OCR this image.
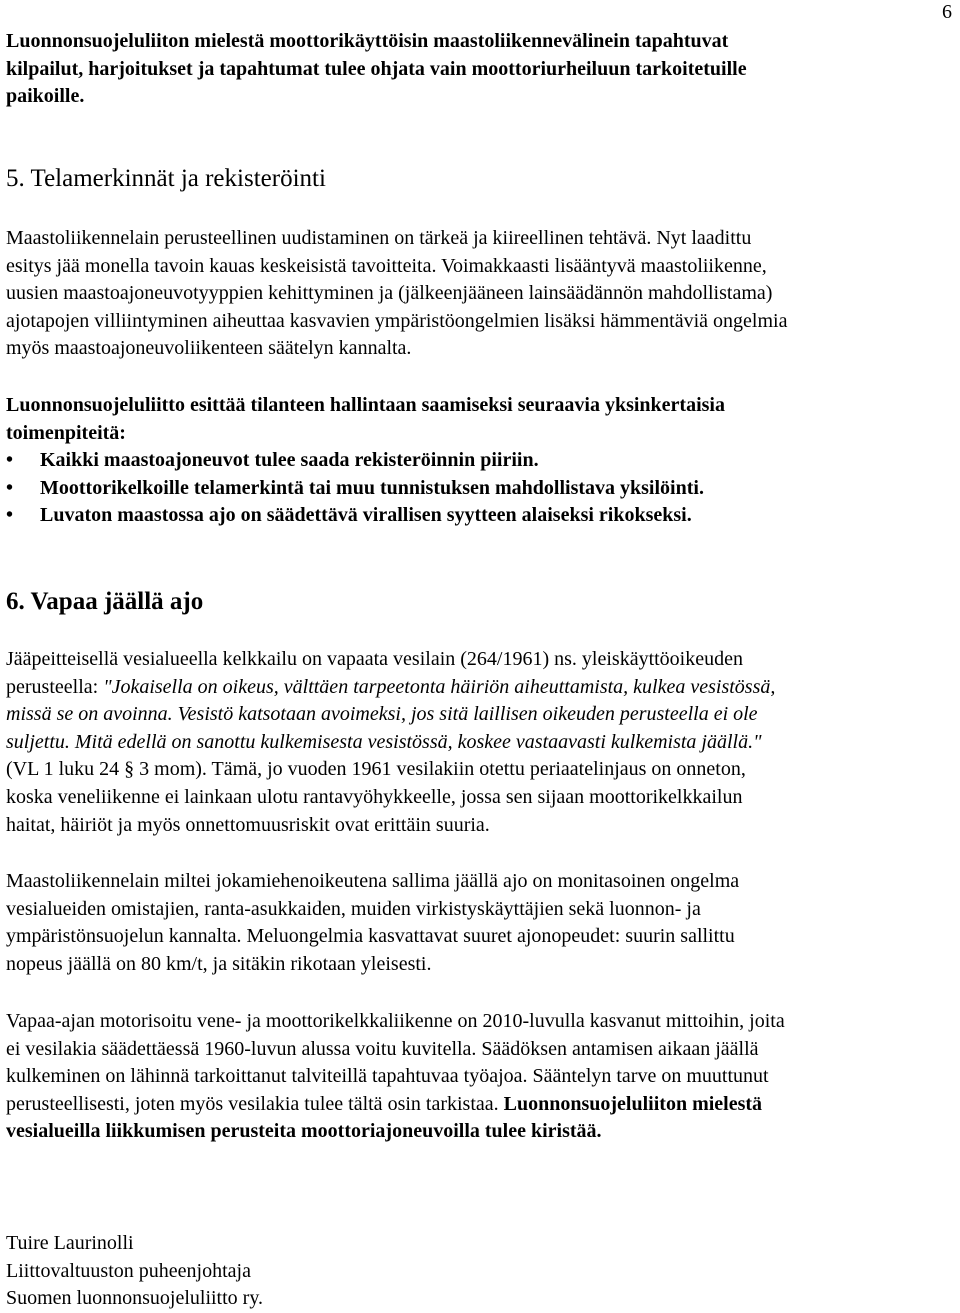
6
Luonnonsuojeluliiton mielestä moottorikäyttöisin maastoliikennevälinein tapahtuvat
kilpailut, harjoitukset ja tapahtumat tulee ohjata vain moottoriurheiluun tarkoitetuille
paikoille.
5. Telamerkinnät ja rekisteröinti
Maastoliikennelain perusteellinen uudistaminen on tärkeä ja kiireellinen tehtävä. Nyt laadittu
esitys jää monella tavoin kauas keskeisistä tavoitteita. Voimakkaasti lisääntyvä maastoliikenne,
uusien maastoajoneuvotyyppien kehittyminen ja (jälkeenjääneen lainsäädännön mahdollistama)
ajotapojen villiintyminen aiheuttaa kasvavien ympäristöongelmien lisäksi hämmentäviä ongelmia
myös maastoajoneuvoliikenteen säätelyn kannalta.
Luonnonsuojeluliitto esittää tilanteen hallintaan saamiseksi seuraavia yksinkertaisia
toimenpiteitä:
• Kaikki maastoajoneuvot tulee saada rekisteröinnin piiriin.
• Moottorikelkoille telamerkintä tai muu tunnistuksen mahdollistava yksilöinti.
• Luvaton maastossa ajo on säädettävä virallisen syytteen alaiseksi rikokseksi.
6. Vapaa jäällä ajo
Jääpeitteisellä vesialueella kelkkailu on vapaata vesilain (264/1961) ns. yleiskäyttöoikeuden
perusteella: "Jokaisella on oikeus, välttäen tarpeetonta häiriön aiheuttamista, kulkea vesistössä,
missä se on avoinna. Vesistö katsotaan avoimeksi, jos sitä laillisen oikeuden perusteella ei ole
suljettu. Mitä edellä on sanottu kulkemisesta vesistössä, koskee vastaavasti kulkemista jäällä."
(VL 1 luku 24 § 3 mom). Tämä, jo vuoden 1961 vesilakiin otettu periaatelinjaus on onneton,
koska veneliikenne ei lainkaan ulotu rantavyöhykkeelle, jossa sen sijaan moottorikelkkailun
haitat, häiriöt ja myös onnettomuusriskit ovat erittäin suuria.
Maastoliikennelain miltei jokamiehenoikeutena sallima jäällä ajo on monitasoinen ongelma
vesialueiden omistajien, ranta-asukkaiden, muiden virkistyskäyttäjien sekä luonnon- ja
ympäristönsuojelun kannalta. Meluongelmia kasvattavat suuret ajonopeudet: suurin sallittu
nopeus jäällä on 80 km/t, ja sitäkin rikotaan yleisesti.
Vapaa-ajan motorisoitu vene- ja moottorikelkkaliikenne on 2010-luvulla kasvanut mittoihin, joita
ei vesilakia säädettäessä 1960-luvun alussa voitu kuvitella. Säädöksen antamisen aikaan jäällä
kulkeminen on lähinnä tarkoittanut talviteillä tapahtuvaa työajoa. Sääntelyn tarve on muuttunut
perusteellisesti, joten myös vesilakia tulee tältä osin tarkistaa. Luonnonsuojeluliiton mielestä
vesialueilla liikkumisen perusteita moottoriajoneuvoilla tulee kiristää.
Tuire Laurinolli
Liittovaltuuston puheenjohtaja
Suomen luonnonsuojeluliitto ry.
